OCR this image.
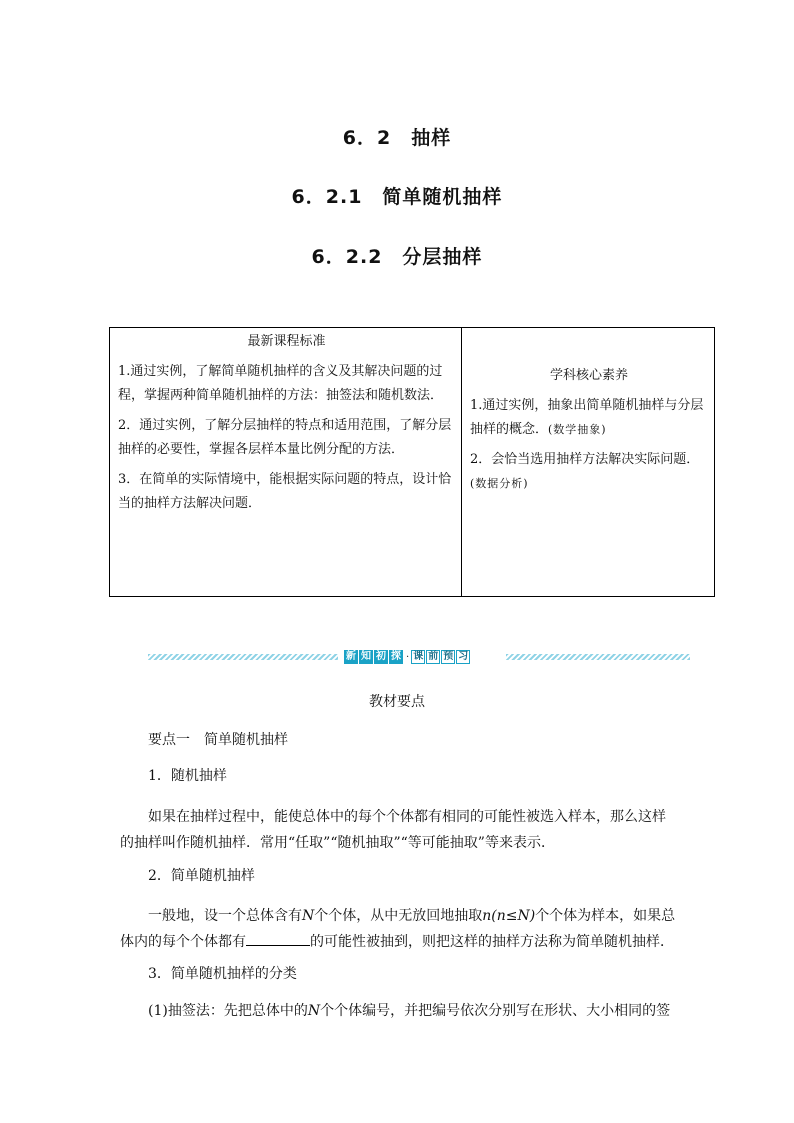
6．2　抽样
6．2.1　简单随机抽样
6．2.2　分层抽样
最新课程标准
1.通过实例，了解简单随机抽样的含义及其解决问题的过程，掌握两种简单随机抽样的方法：抽签法和随机数法．
2．通过实例，了解分层抽样的特点和适用范围，了解分层抽样的必要性，掌握各层样本量比例分配的方法．
3．在简单的实际情境中，能根据实际问题的特点，设计恰当的抽样方法解决问题．

学科核心素养
1.通过实例，抽象出简单随机抽样与分层抽样的概念．(数学抽象)
2．会恰当选用抽样方法解决实际问题．(数据分析)
新 知 初 探 · 课 前 预 习
教材要点
要点一　简单随机抽样
1．随机抽样
如果在抽样过程中，能使总体中的每个个体都有相同的可能性被选入样本，那么这样的抽样叫作随机抽样．常用“任取”“随机抽取”“等可能抽取”等来表示．
2．简单随机抽样
一般地，设一个总体含有N个个体，从中无放回地抽取n(n≤N)个个体为样本，如果总体内的每个个体都有	的可能性被抽到，则把这样的抽样方法称为简单随机抽样．
3．简单随机抽样的分类
(1)抽签法：先把总体中的N个个体编号，并把编号依次分别写在形状、大小相同的签
